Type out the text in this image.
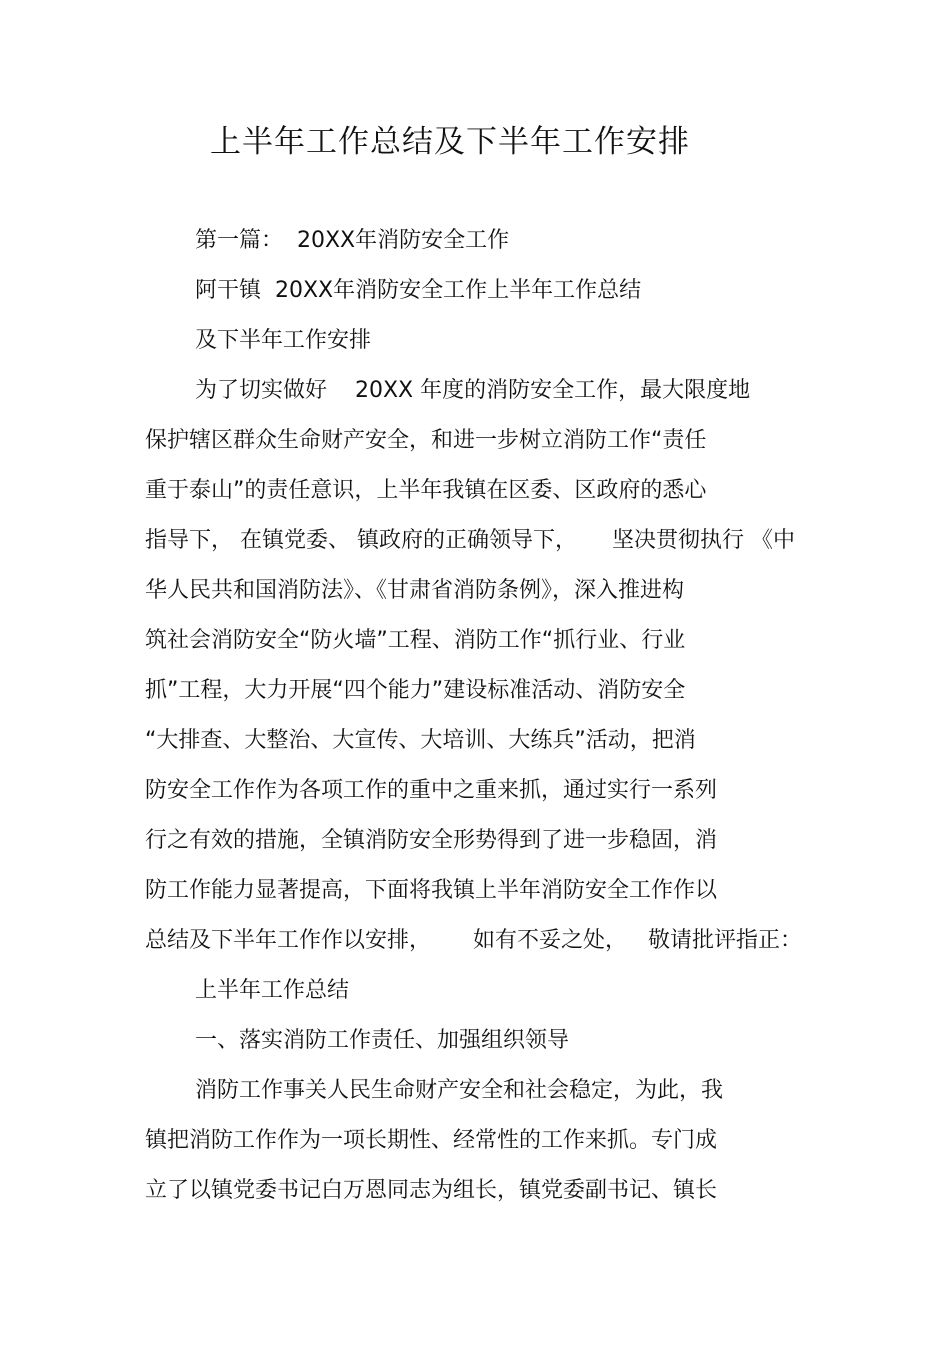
上半年工作总结及下半年工作安排
第一篇：  20XX年消防安全工作
阿干镇  20XX年消防安全工作上半年工作总结
及下半年工作安排
为了切实做好    20XX 年度的消防安全工作，最大限度地
保护辖区群众生命财产安全，和进一步树立消防工作“责任
重于泰山”的责任意识，上半年我镇在区委、区政府的悉心
指导下， 在镇党委、 镇政府的正确领导下，     坚决贯彻执行 《中
华人民共和国消防法》、《甘肃省消防条例》，深入推进构
筑社会消防安全“防火墙”工程、消防工作“抓行业、行业
抓”工程，大力开展“四个能力”建设标准活动、消防安全
“大排查、大整治、大宣传、大培训、大练兵”活动，把消
防安全工作作为各项工作的重中之重来抓，通过实行一系列
行之有效的措施，全镇消防安全形势得到了进一步稳固，消
防工作能力显著提高，下面将我镇上半年消防安全工作作以
总结及下半年工作作以安排，      如有不妥之处，   敬请批评指正：
上半年工作总结
一、落实消防工作责任、加强组织领导
消防工作事关人民生命财产安全和社会稳定，为此，我
镇把消防工作作为一项长期性、经常性的工作来抓。专门成
立了以镇党委书记白万恩同志为组长，镇党委副书记、镇长
